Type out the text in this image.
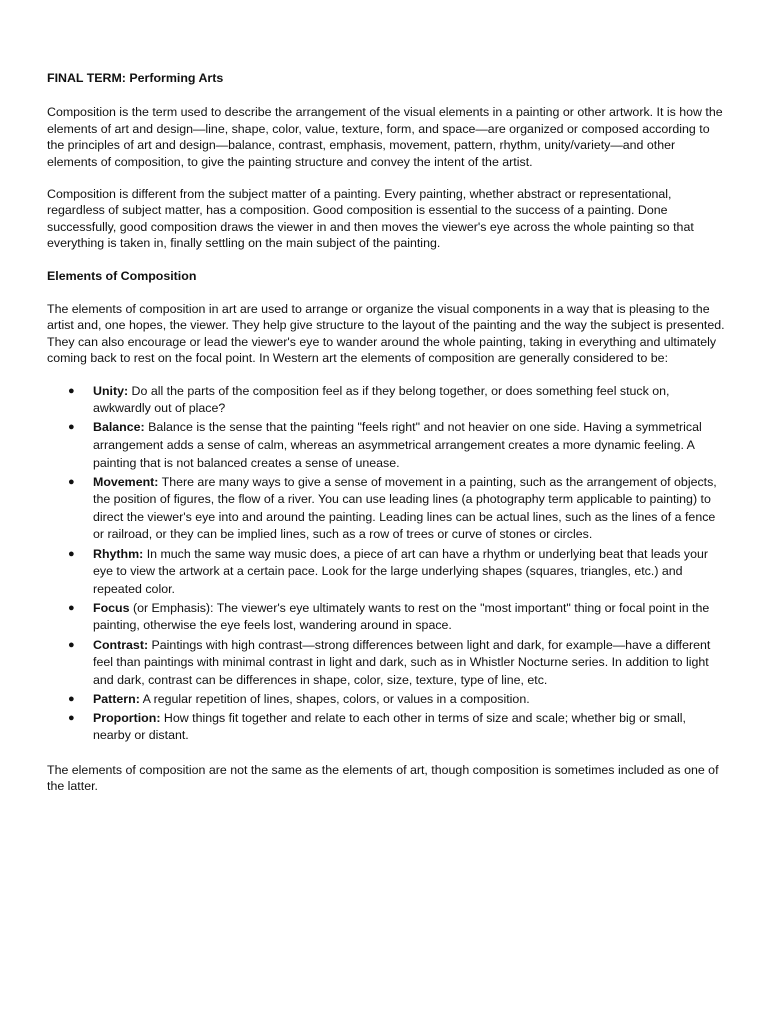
FINAL TERM: Performing Arts

Composition is the term used to describe the arrangement of the visual elements in a painting or other artwork. It is how the elements of art and design—line, shape, color, value, texture, form, and space—are organized or composed according to the principles of art and design—balance, contrast, emphasis, movement, pattern, rhythm, unity/variety—and other elements of composition, to give the painting structure and convey the intent of the artist.

Composition is different from the subject matter of a painting. Every painting, whether abstract or representational, regardless of subject matter, has a composition. Good composition is essential to the success of a painting. Done successfully, good composition draws the viewer in and then moves the viewer's eye across the whole painting so that everything is taken in, finally settling on the main subject of the painting.

Elements of Composition

The elements of composition in art are used to arrange or organize the visual components in a way that is pleasing to the artist and, one hopes, the viewer. They help give structure to the layout of the painting and the way the subject is presented. They can also encourage or lead the viewer's eye to wander around the whole painting, taking in everything and ultimately coming back to rest on the focal point. In Western art the elements of composition are generally considered to be:

● Unity: Do all the parts of the composition feel as if they belong together, or does something feel stuck on, awkwardly out of place?
● Balance: Balance is the sense that the painting "feels right" and not heavier on one side. Having a symmetrical arrangement adds a sense of calm, whereas an asymmetrical arrangement creates a more dynamic feeling. A painting that is not balanced creates a sense of unease.
● Movement: There are many ways to give a sense of movement in a painting, such as the arrangement of objects, the position of figures, the flow of a river. You can use leading lines (a photography term applicable to painting) to direct the viewer's eye into and around the painting. Leading lines can be actual lines, such as the lines of a fence or railroad, or they can be implied lines, such as a row of trees or curve of stones or circles.
● Rhythm: In much the same way music does, a piece of art can have a rhythm or underlying beat that leads your eye to view the artwork at a certain pace. Look for the large underlying shapes (squares, triangles, etc.) and repeated color.
● Focus (or Emphasis): The viewer's eye ultimately wants to rest on the "most important" thing or focal point in the painting, otherwise the eye feels lost, wandering around in space.
● Contrast: Paintings with high contrast—strong differences between light and dark, for example—have a different feel than paintings with minimal contrast in light and dark, such as in Whistler Nocturne series. In addition to light and dark, contrast can be differences in shape, color, size, texture, type of line, etc.
● Pattern: A regular repetition of lines, shapes, colors, or values in a composition.
● Proportion: How things fit together and relate to each other in terms of size and scale; whether big or small, nearby or distant.

The elements of composition are not the same as the elements of art, though composition is sometimes included as one of the latter.
